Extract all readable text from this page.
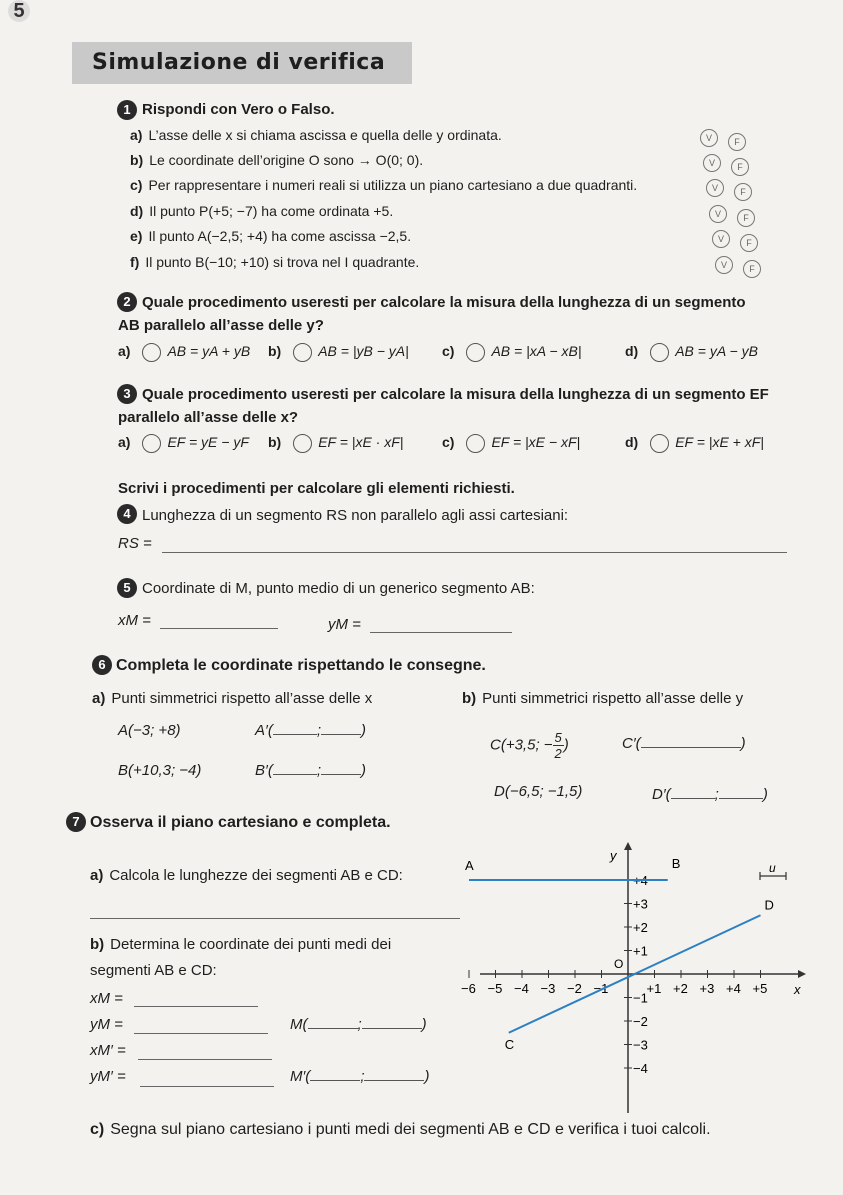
5
Simulazione di verifica
1 Rispondi con Vero o Falso.
a) L’asse delle x si chiama ascissa e quella delle y ordinata.	V	F
b) Le coordinate dell’origine O sono → O(0; 0).	V	F
c) Per rappresentare i numeri reali si utilizza un piano cartesiano a due quadranti.	V	F
d) Il punto P(+5; −7) ha come ordinata +5.	V	F
e) Il punto A(−2,5; +4) ha come ascissa −2,5.	V	F
f) Il punto B(−10; +10) si trova nel I quadrante.	V	F
2 Quale procedimento useresti per calcolare la misura della lunghezza di un segmento
AB parallelo all’asse delle y?
a)	AB = yA + yB b)	AB = |yB − yA| c)	AB = |xA − xB|	d)	AB = yA − yB
3 Quale procedimento useresti per calcolare la misura della lunghezza di un segmento EF
parallelo all’asse delle x?
a)	EF = yE − yF b)	EF = |xE · xF|	c)	EF = |xE − xF|	d)	EF = |xE + xF|
Scrivi i procedimenti per calcolare gli elementi richiesti.
4 Lunghezza di un segmento RS non parallelo agli assi cartesiani:
RS =
5 Coordinate di M, punto medio di un generico segmento AB:
xM =	yM =
6 Completa le coordinate rispettando le consegne.
a) Punti simmetrici rispetto all’asse delle x	b) Punti simmetrici rispetto all’asse delle y
A(−3; +8)	A′(	;	)
B(+10,3; −4)	B′(	;	)
C(+3,5; − $\frac{5}{2}$ )	C′(	)
D(−6,5; −1,5)	D′(	;	)
7 Osserva il piano cartesiano e completa.
a) Calcola le lunghezze dei segmenti AB e CD:
b) Determina le coordinate dei punti medi dei
segmenti AB e CD:
xM =
yM =	M(	;	)
xM′ =
yM′ =	M′(	;	)
c) Segna sul piano cartesiano i punti medi dei segmenti AB e CD e verifica i tuoi calcoli.
x
y
O
−6 −5 −4 −3 −2 −1	+1 +2 +3 +4 +5
+4
+3
+2
+1
−1
−2
−3
−4
u
A	B
C
D
